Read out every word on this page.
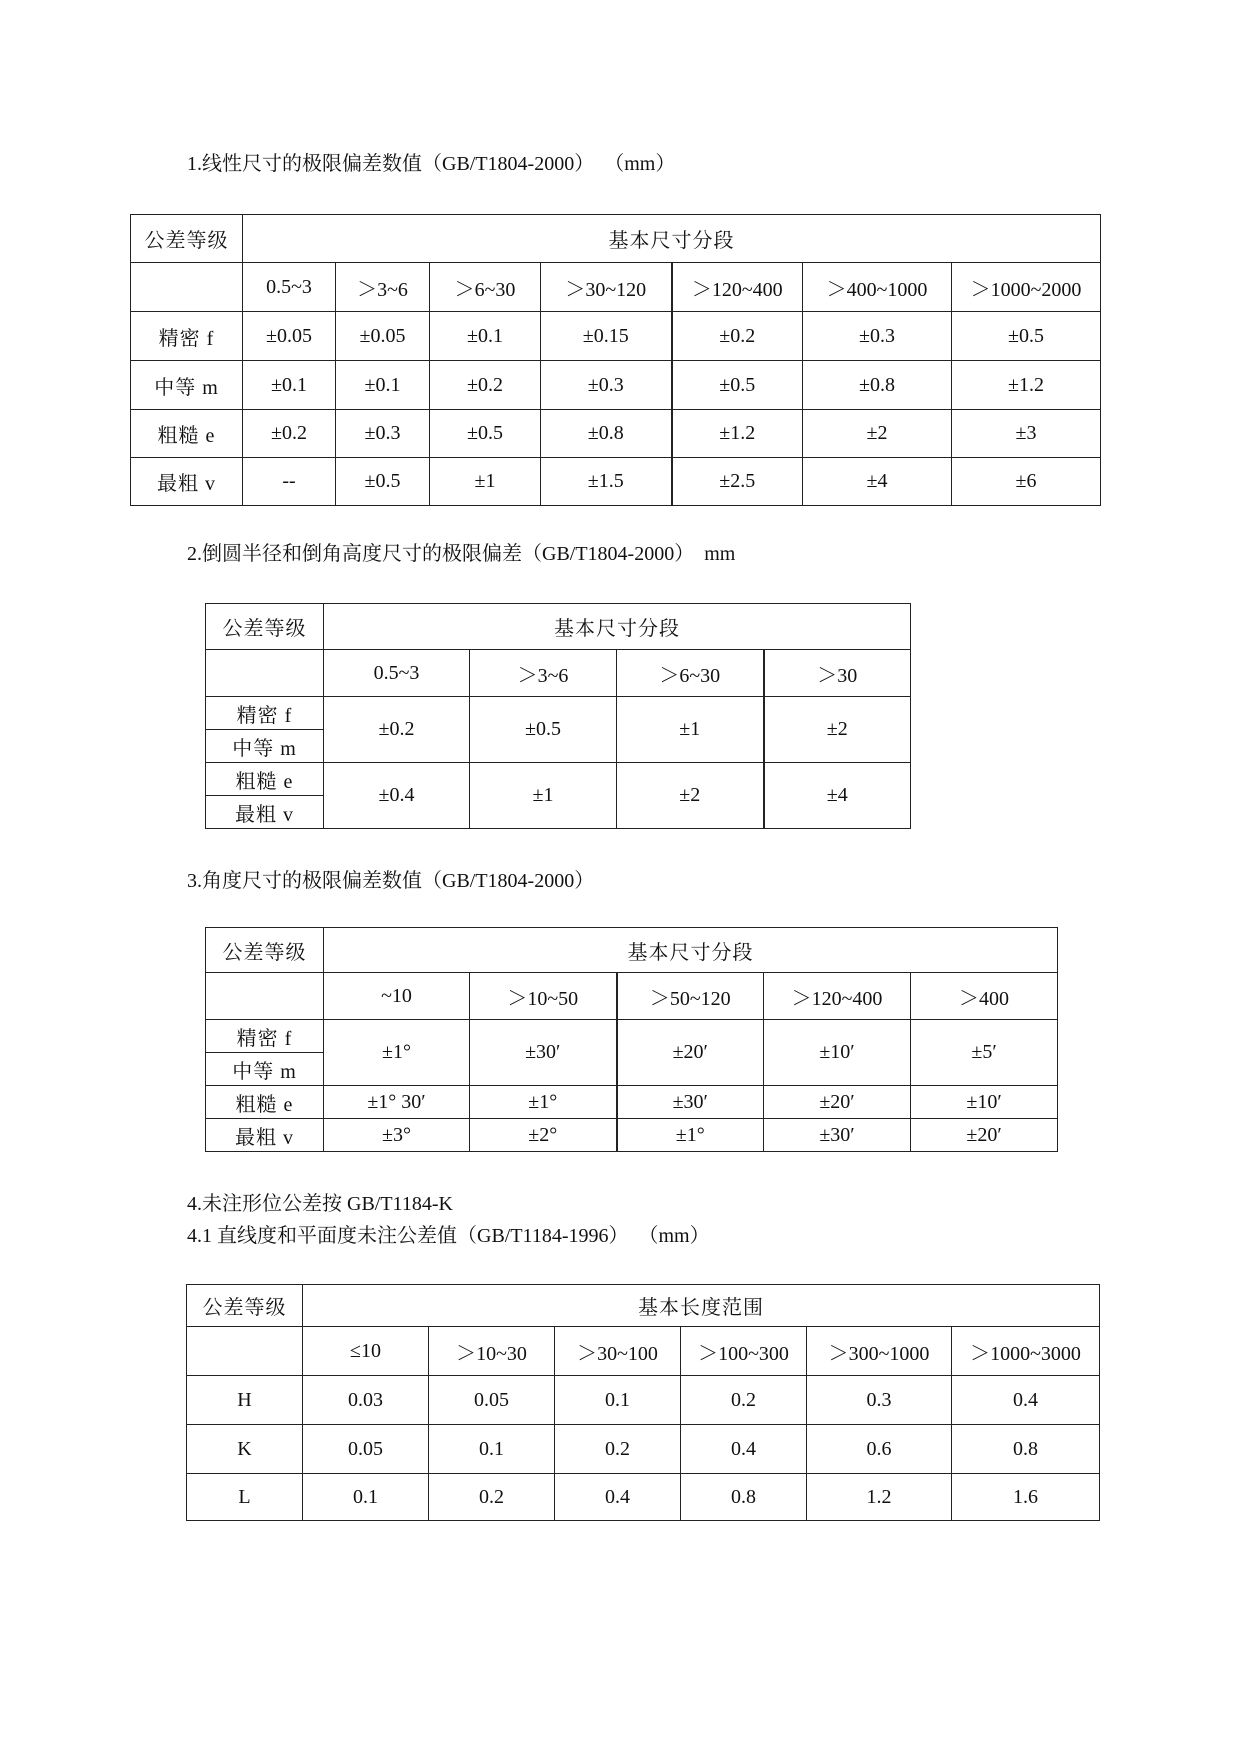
1.线性尺寸的极限偏差数值（GB/T1804-2000）  （mm）
公差等级	基本尺寸分段						
	0.5~3	＞3~6	＞6~30	＞30~120	＞120~400	＞400~1000	＞1000~2000
精密 f	±0.05	±0.05	±0.1	±0.15	±0.2	±0.3	±0.5
中等 m	±0.1	±0.1	±0.2	±0.3	±0.5	±0.8	±1.2
粗糙 e	±0.2	±0.3	±0.5	±0.8	±1.2	±2	±3
最粗 v	--	±0.5	±1	±1.5	±2.5	±4	±6
2.倒圆半径和倒角高度尺寸的极限偏差（GB/T1804-2000）  mm
公差等级	基本尺寸分段			
	0.5~3	＞3~6	＞6~30	＞30
精密 f	±0.2	±0.5	±1	±2
中等 m				
粗糙 e	±0.4	±1	±2	±4
最粗 v				
3.角度尺寸的极限偏差数值（GB/T1804-2000）
公差等级	基本尺寸分段				
	~10	＞10~50	＞50~120	＞120~400	＞400
精密 f	±1°	±30′	±20′	±10′	±5′
中等 m					
粗糙 e	±1° 30′	±1°	±30′	±20′	±10′
最粗 v	±3°	±2°	±1°	±30′	±20′
4.未注形位公差按 GB/T1184-K
4.1 直线度和平面度未注公差值（GB/T1184-1996）  （mm）
公差等级	基本长度范围					
	≤10	＞10~30	＞30~100	＞100~300	＞300~1000	＞1000~3000
H	0.03	0.05	0.1	0.2	0.3	0.4
K	0.05	0.1	0.2	0.4	0.6	0.8
L	0.1	0.2	0.4	0.8	1.2	1.6
